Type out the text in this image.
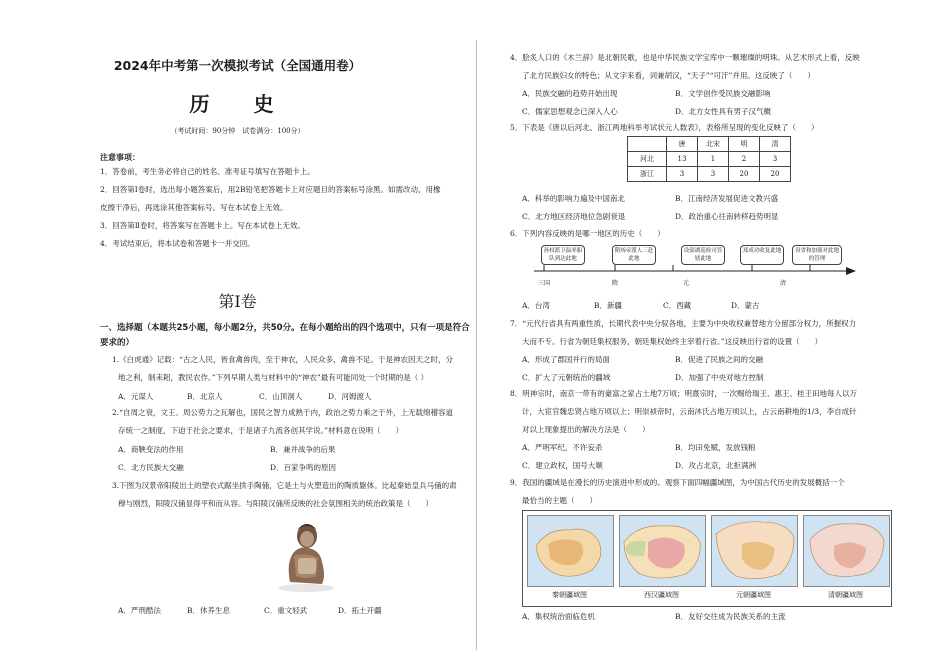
2024年中考第一次模拟考试（全国通用卷）
历　史
（考试时间：90分钟　试卷满分：100分）
注意事项：
1．答卷前，考生务必将自己的姓名、准考证号填写在答题卡上。
2．回答第Ⅰ卷时，选出每小题答案后，用2B铅笔把答题卡上对应题目的答案标号涂黑。如需改动，用橡
皮擦干净后，再选涂其他答案标号。写在本试卷上无效。
3．回答第Ⅱ卷时，将答案写在答题卡上。写在本试卷上无效。
4．考试结束后，将本试卷和答题卡一并交回。
第Ⅰ卷
一、选择题（本题共25小题，每小题2分，共50分。在每小题给出的四个选项中，只有一项是符合要求的）
1.《白虎通》记载：“古之人民，皆食禽兽肉，至于神农，人民众多，禽兽不足。于是神农因天之时，分
地之利，制耒耜，教民农作。”下列早期人类与材料中的“神农”最有可能同处一个时期的是（ ）
A．元谋人	B．北京人	C．山顶洞人	D．河姆渡人
2.“自周之衰，文王、周公势力之瓦解也，国民之智力成熟于内，政治之势力乘之于外，上无载绵稽容道
存统一之制度，下迫于社会之要求，于是诸子九流各创其学说。”材料意在说明（　　）
A．商鞅变法的作用	B．兼并战争的后果
C．北方民族大交融	D．百家争鸣的原因
3.下图为汉景帝阳陵出土的塑衣式踞坐拱手陶俑，它是土与火塑造出的陶质躯体。比起秦始皇兵马俑的肃
穆与刚烈，阳陵汉俑显得平和而从容。与阳陵汉俑所反映的社会氛围相关的统治政策是（　　）
A．严刑酷法	B．休养生息	C．重文轻武	D．拓土开疆
4．脍炙人口的《木兰辞》是北朝民歌，也是中华民族文学宝库中一颗璀璨的明珠。从艺术形式上看，反映
了北方民族妇女的特色；从文字来看，词兼胡汉，“天子”“可汗”并用。这反映了（　　）
A．民族交融的趋势开始出现	B．文学创作受民族交融影响
C．儒家思想观念已深入人心	D．北方女性具有男子汉气概
5．下表是《唐以后河北、浙江两地科举考试状元人数表》，表格所呈现的变化反映了（　　）
	唐	北宋	明	清
河北	13	1	2	3
浙江	3	3	20	20
A．科举的影响力遍及中国南北	B．江南经济发展促进文教兴盛
C．北方地区经济地位急剧衰退	D．政治重心往南转移趋势明显
6．下列内容反映的是哪一地区的历史（　　）
孙权派卫温率船队到达此地
隋炀帝派人三赴此地
设澎湖巡检司管辖此地
郑成功收复此地	设省和加强对此地的管理
三国	隋	元	清
A．台湾	B．新疆	C．西藏	D．蒙古
7．“元代行省具有两重性质，长期代表中央分驭各地，主要为中央收权兼替地方分留部分权力，所握权力
大而不专。行省为朝廷集权服务，朝廷集权始终主宰着行省。”这反映出行省的设置（　　）
A．形成了郡国并行的局面	B．促进了民族之间的交融
C．扩大了元朝统治的疆域	D．加强了中央对地方控制
8．明神宗时，南京一带有的豪富之家占土地7万顷；明熹宗时，一次赐给瑞王、惠王、桂王田地每人以万
计，大宦官魏忠贤占地万顷以上；明崇祯帝时，云南沐氏占地万顷以上，占云南耕地的1/3，李自成针
对以上现象提出的解决方法是（　　）
A．严明军纪，不许妄杀	B．均田免赋，发放钱粮
C．建立政权，国号大顺	D．攻占北京，北拒满洲
9．我国的疆域是在漫长的历史演进中形成的。观察下面四幅疆域图，为中国古代历史的发展概括一个
最恰当的主题（　　）
秦朝疆域图	西汉疆域图	元朝疆域图	清朝疆域图
A．集权统治面临危机	B．友好交往成为民族关系的主流
